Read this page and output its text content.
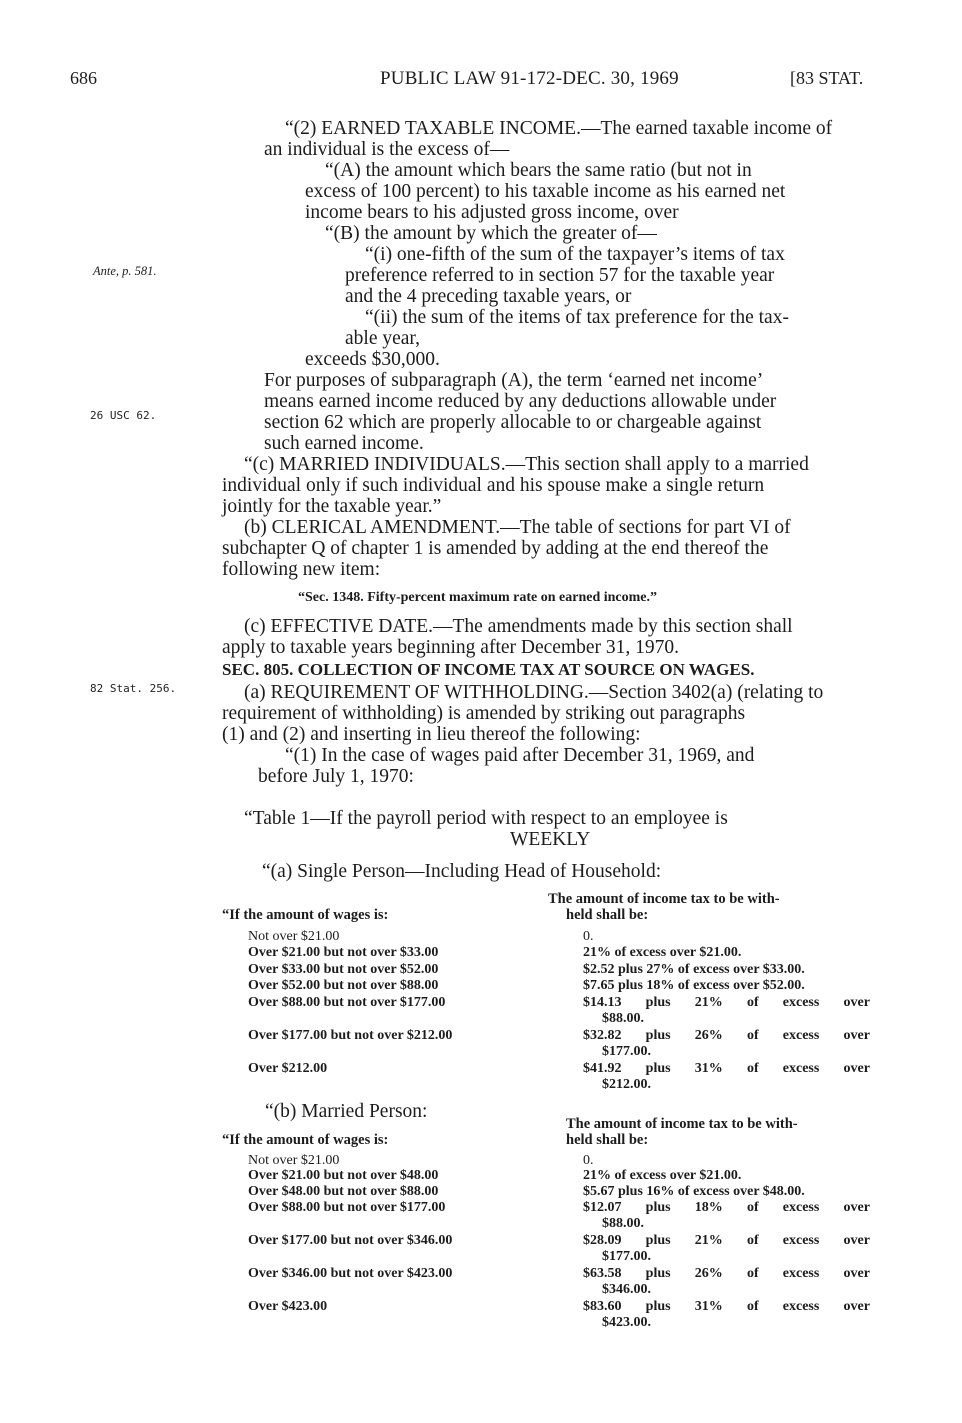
686	PUBLIC LAW 91-172-DEC. 30, 1969	[83 STAT.
Ante, p. 581.
26 USC 62.
82 Stat. 256.
“(2) EARNED TAXABLE INCOME.—The earned taxable income of
an individual is the excess of—
“(A) the amount which bears the same ratio (but not in
excess of 100 percent) to his taxable income as his earned net
income bears to his adjusted gross income, over
“(B) the amount by which the greater of—
“(i) one-fifth of the sum of the taxpayer’s items of tax
preference referred to in section 57 for the taxable year
and the 4 preceding taxable years, or
“(ii) the sum of the items of tax preference for the tax-
able year,
exceeds $30,000.
For purposes of subparagraph (A), the term ‘earned net income’
means earned income reduced by any deductions allowable under
section 62 which are properly allocable to or chargeable against
such earned income.
“(c) MARRIED INDIVIDUALS.—This section shall apply to a married
individual only if such individual and his spouse make a single return
jointly for the taxable year.”
(b) CLERICAL AMENDMENT.—The table of sections for part VI of
subchapter Q of chapter 1 is amended by adding at the end thereof the
following new item:
“Sec. 1348. Fifty-percent maximum rate on earned income.”
(c) EFFECTIVE DATE.—The amendments made by this section shall
apply to taxable years beginning after December 31, 1970.
SEC. 805. COLLECTION OF INCOME TAX AT SOURCE ON WAGES.
(a) REQUIREMENT OF WITHHOLDING.—Section 3402(a) (relating to
requirement of withholding) is amended by striking out paragraphs
(1) and (2) and inserting in lieu thereof the following:
“(1) In the case of wages paid after December 31, 1969, and
before July 1, 1970:
“Table 1—If the payroll period with respect to an employee is
WEEKLY
“(a) Single Person—Including Head of Household:
The amount of income tax to be with-
“If the amount of wages is:	held shall be:
Not over $21.00	0.
Over $21.00 but not over $33.00	21% of excess over $21.00.
Over $33.00 but not over $52.00	$2.52 plus 27% of excess over $33.00.
Over $52.00 but not over $88.00	$7.65 plus 18% of excess over $52.00.
Over $88.00 but not over $177.00	$14.13 plus 21% of excess over
$88.00.
Over $177.00 but not over $212.00	$32.82 plus 26% of excess over
$177.00.
Over $212.00	$41.92 plus 31% of excess over
$212.00.
“(b) Married Person:
The amount of income tax to be with-
“If the amount of wages is:	held shall be:
Not over $21.00	0.
Over $21.00 but not over $48.00	21% of excess over $21.00.
Over $48.00 but not over $88.00	$5.67 plus 16% of excess over $48.00.
Over $88.00 but not over $177.00	$12.07 plus 18% of excess over
$88.00.
Over $177.00 but not over $346.00	$28.09 plus 21% of excess over
$177.00.
Over $346.00 but not over $423.00	$63.58 plus 26% of excess over
$346.00.
Over $423.00	$83.60 plus 31% of excess over
$423.00.
